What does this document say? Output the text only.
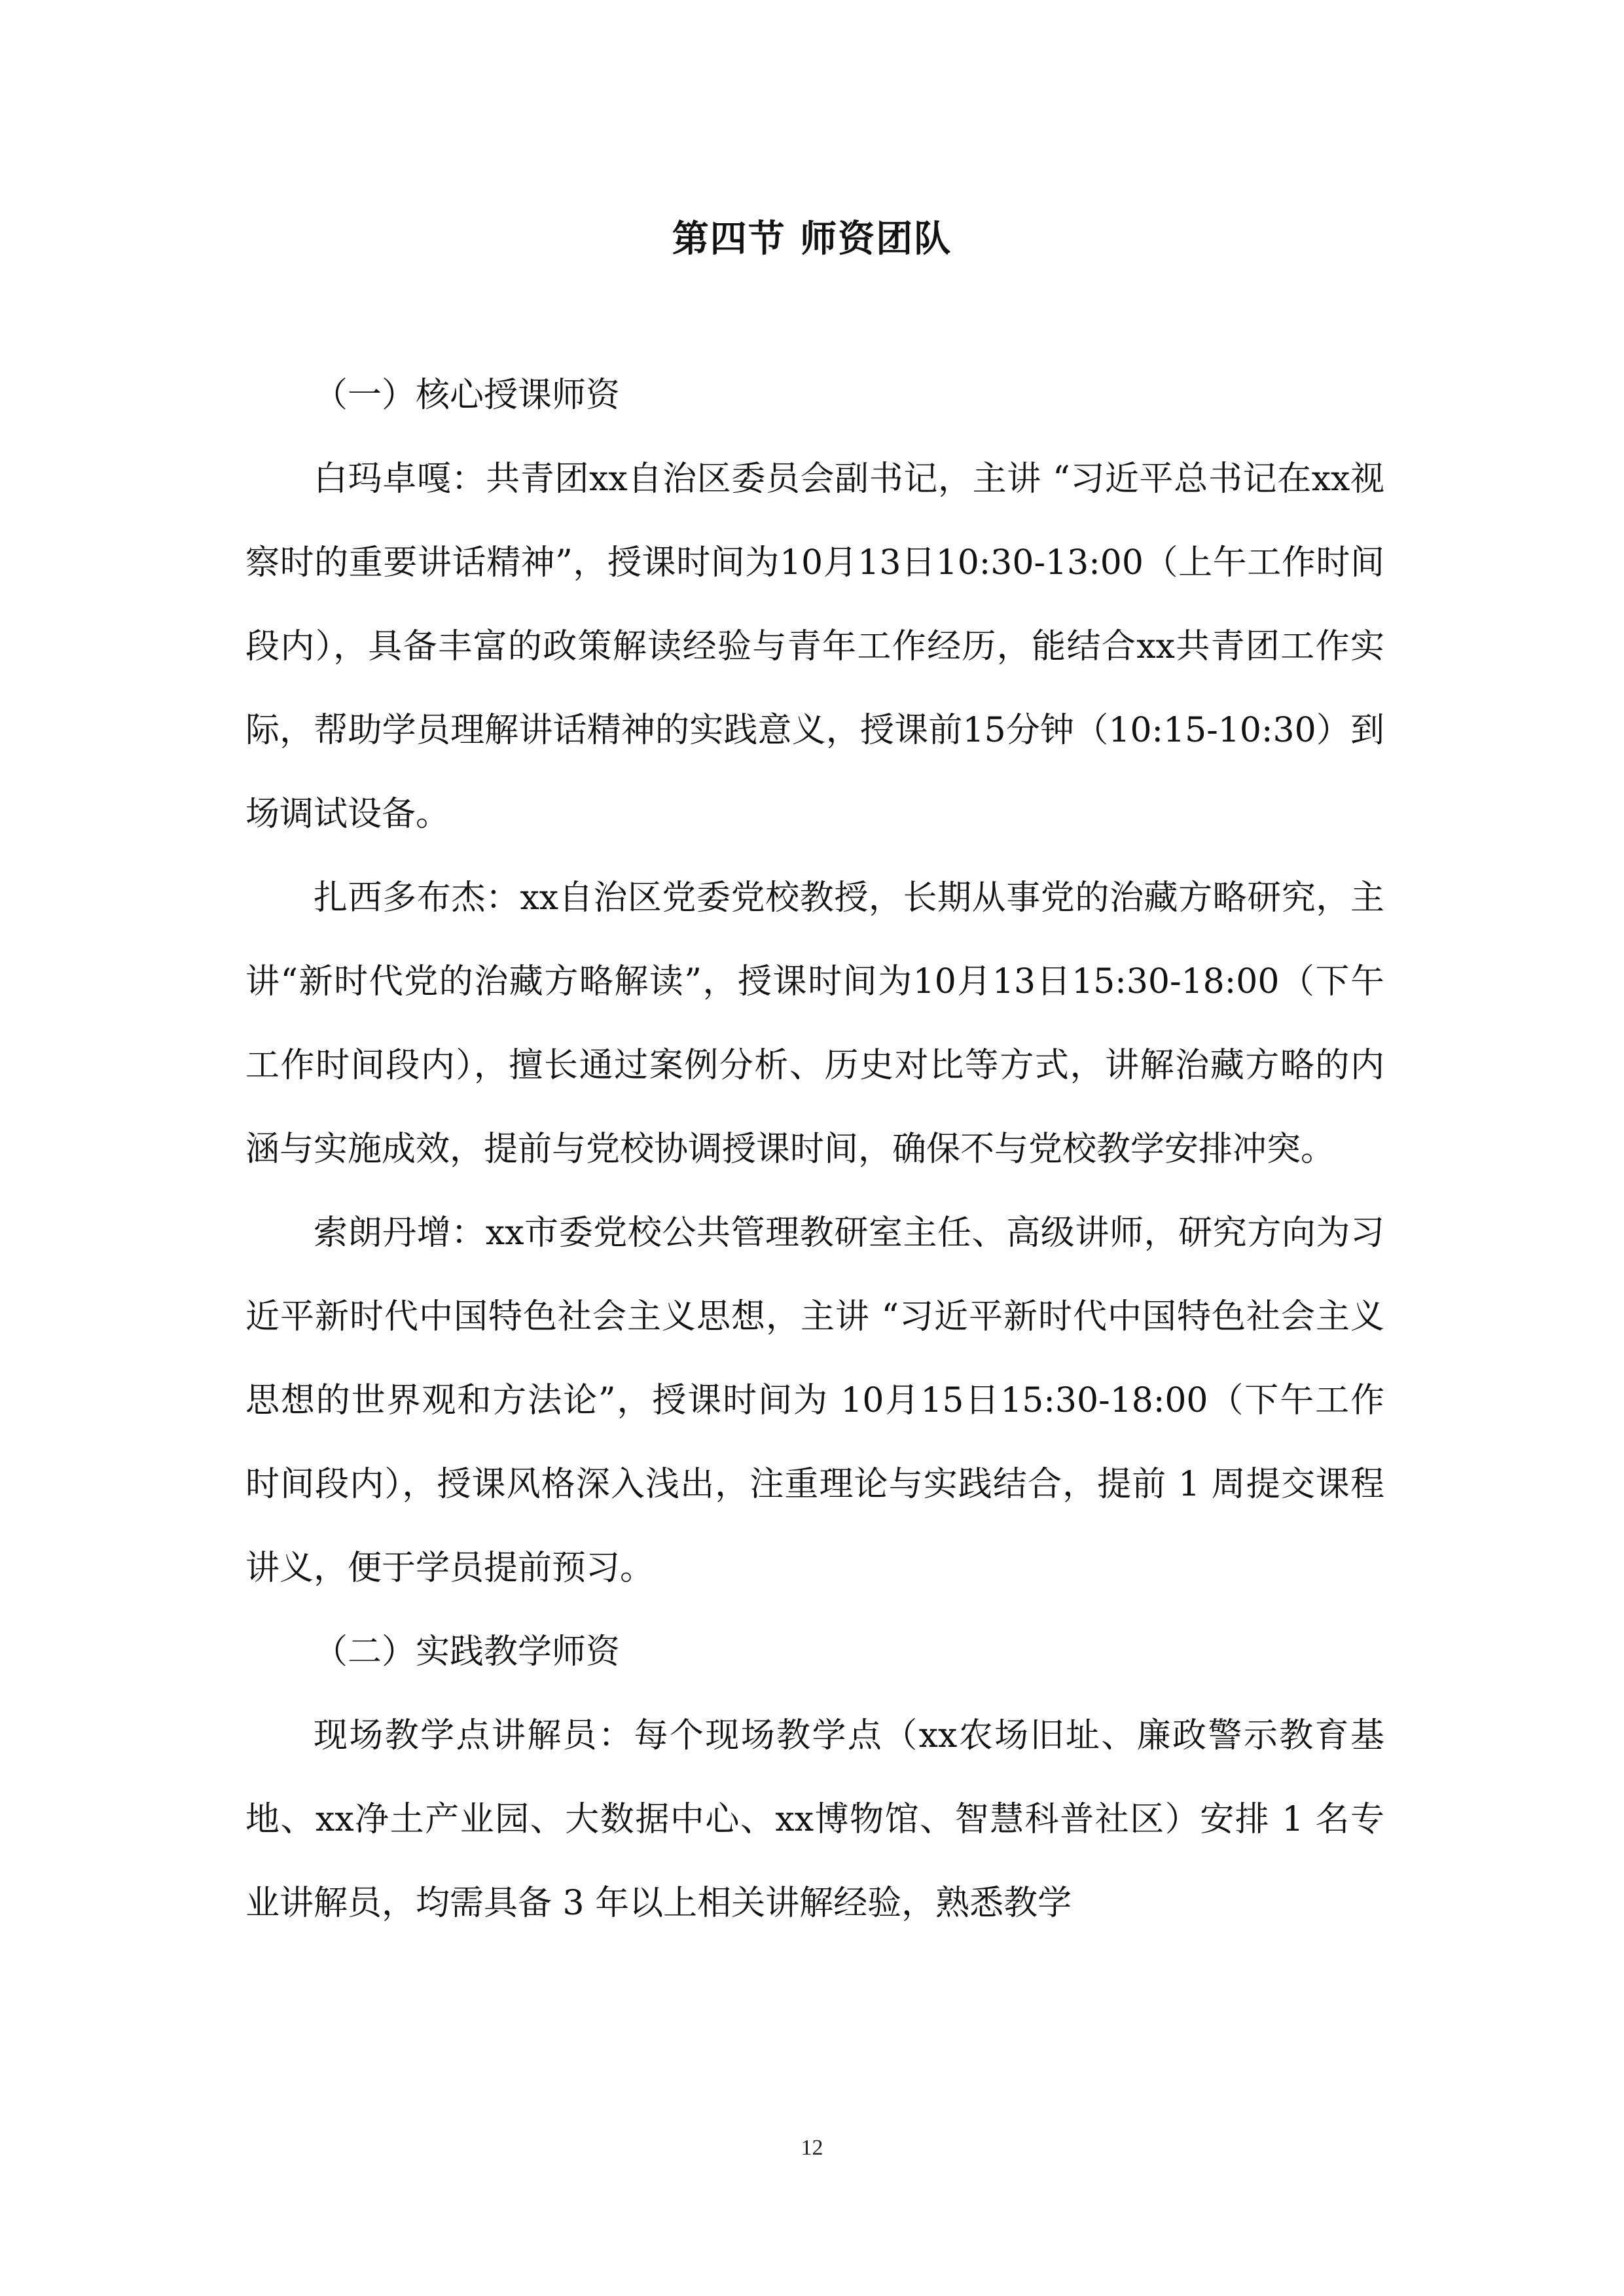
第四节 师资团队

（一）核心授课师资

白玛卓嘎：共青团xx自治区委员会副书记，主讲 “习近平总书记在xx视察时的重要讲话精神”，授课时间为10月13日10:30-13:00（上午工作时间段内），具备丰富的政策解读经验与青年工作经历，能结合xx共青团工作实际，帮助学员理解讲话精神的实践意义，授课前15分钟（10:15-10:30）到场调试设备。

扎西多布杰：xx自治区党委党校教授，长期从事党的治藏方略研究，主讲“新时代党的治藏方略解读”，授课时间为10月13日15:30-18:00（下午工作时间段内），擅长通过案例分析、历史对比等方式，讲解治藏方略的内涵与实施成效，提前与党校协调授课时间，确保不与党校教学安排冲突。

索朗丹增：xx市委党校公共管理教研室主任、高级讲师，研究方向为习近平新时代中国特色社会主义思想，主讲 “习近平新时代中国特色社会主义思想的世界观和方法论”，授课时间为 10月15日15:30-18:00（下午工作时间段内），授课风格深入浅出，注重理论与实践结合，提前 1 周提交课程讲义，便于学员提前预习。

（二）实践教学师资

现场教学点讲解员：每个现场教学点（xx农场旧址、廉政警示教育基地、xx净土产业园、大数据中心、xx博物馆、智慧科普社区）安排 1 名专业讲解员，均需具备 3 年以上相关讲解经验，熟悉教学

12
